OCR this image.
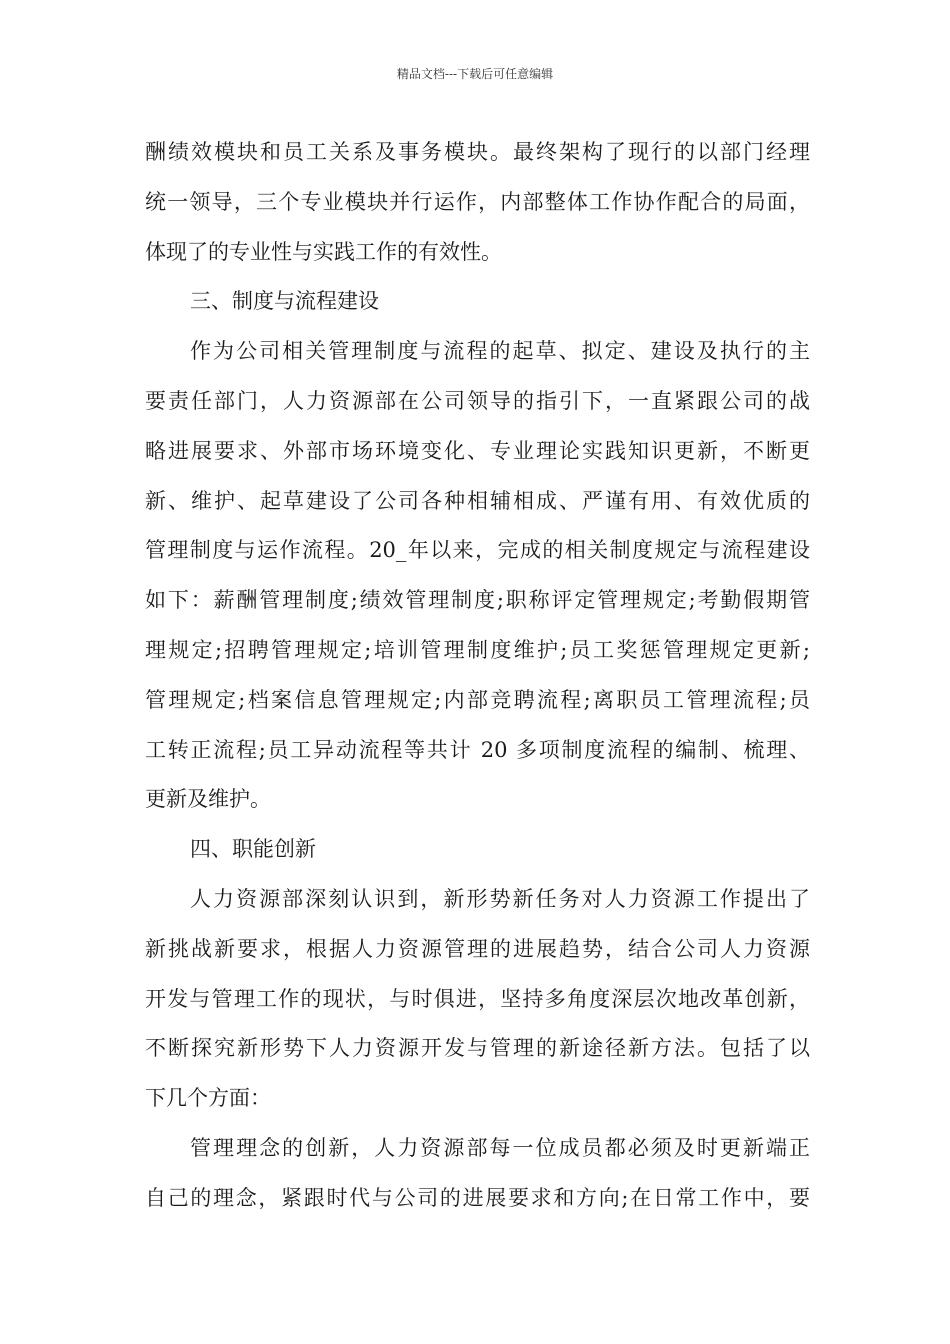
精品文档---下载后可任意编辑
酬绩效模块和员工关系及事务模块。最终架构了现行的以部门经理
统一领导，三个专业模块并行运作，内部整体工作协作配合的局面，
体现了的专业性与实践工作的有效性。
三、制度与流程建设
作为公司相关管理制度与流程的起草、拟定、建设及执行的主
要责任部门，人力资源部在公司领导的指引下，一直紧跟公司的战
略进展要求、外部市场环境变化、专业理论实践知识更新，不断更
新、维护、起草建设了公司各种相辅相成、严谨有用、有效优质的
管理制度与运作流程。20_年以来，完成的相关制度规定与流程建设
如下：薪酬管理制度;绩效管理制度;职称评定管理规定;考勤假期管
理规定;招聘管理规定;培训管理制度维护;员工奖惩管理规定更新;
管理规定;档案信息管理规定;内部竞聘流程;离职员工管理流程;员
工转正流程;员工异动流程等共计 20 多项制度流程的编制、梳理、
更新及维护。
四、职能创新
人力资源部深刻认识到，新形势新任务对人力资源工作提出了
新挑战新要求，根据人力资源管理的进展趋势，结合公司人力资源
开发与管理工作的现状，与时俱进，坚持多角度深层次地改革创新，
不断探究新形势下人力资源开发与管理的新途径新方法。包括了以
下几个方面：
管理理念的创新，人力资源部每一位成员都必须及时更新端正
自己的理念，紧跟时代与公司的进展要求和方向;在日常工作中，要
